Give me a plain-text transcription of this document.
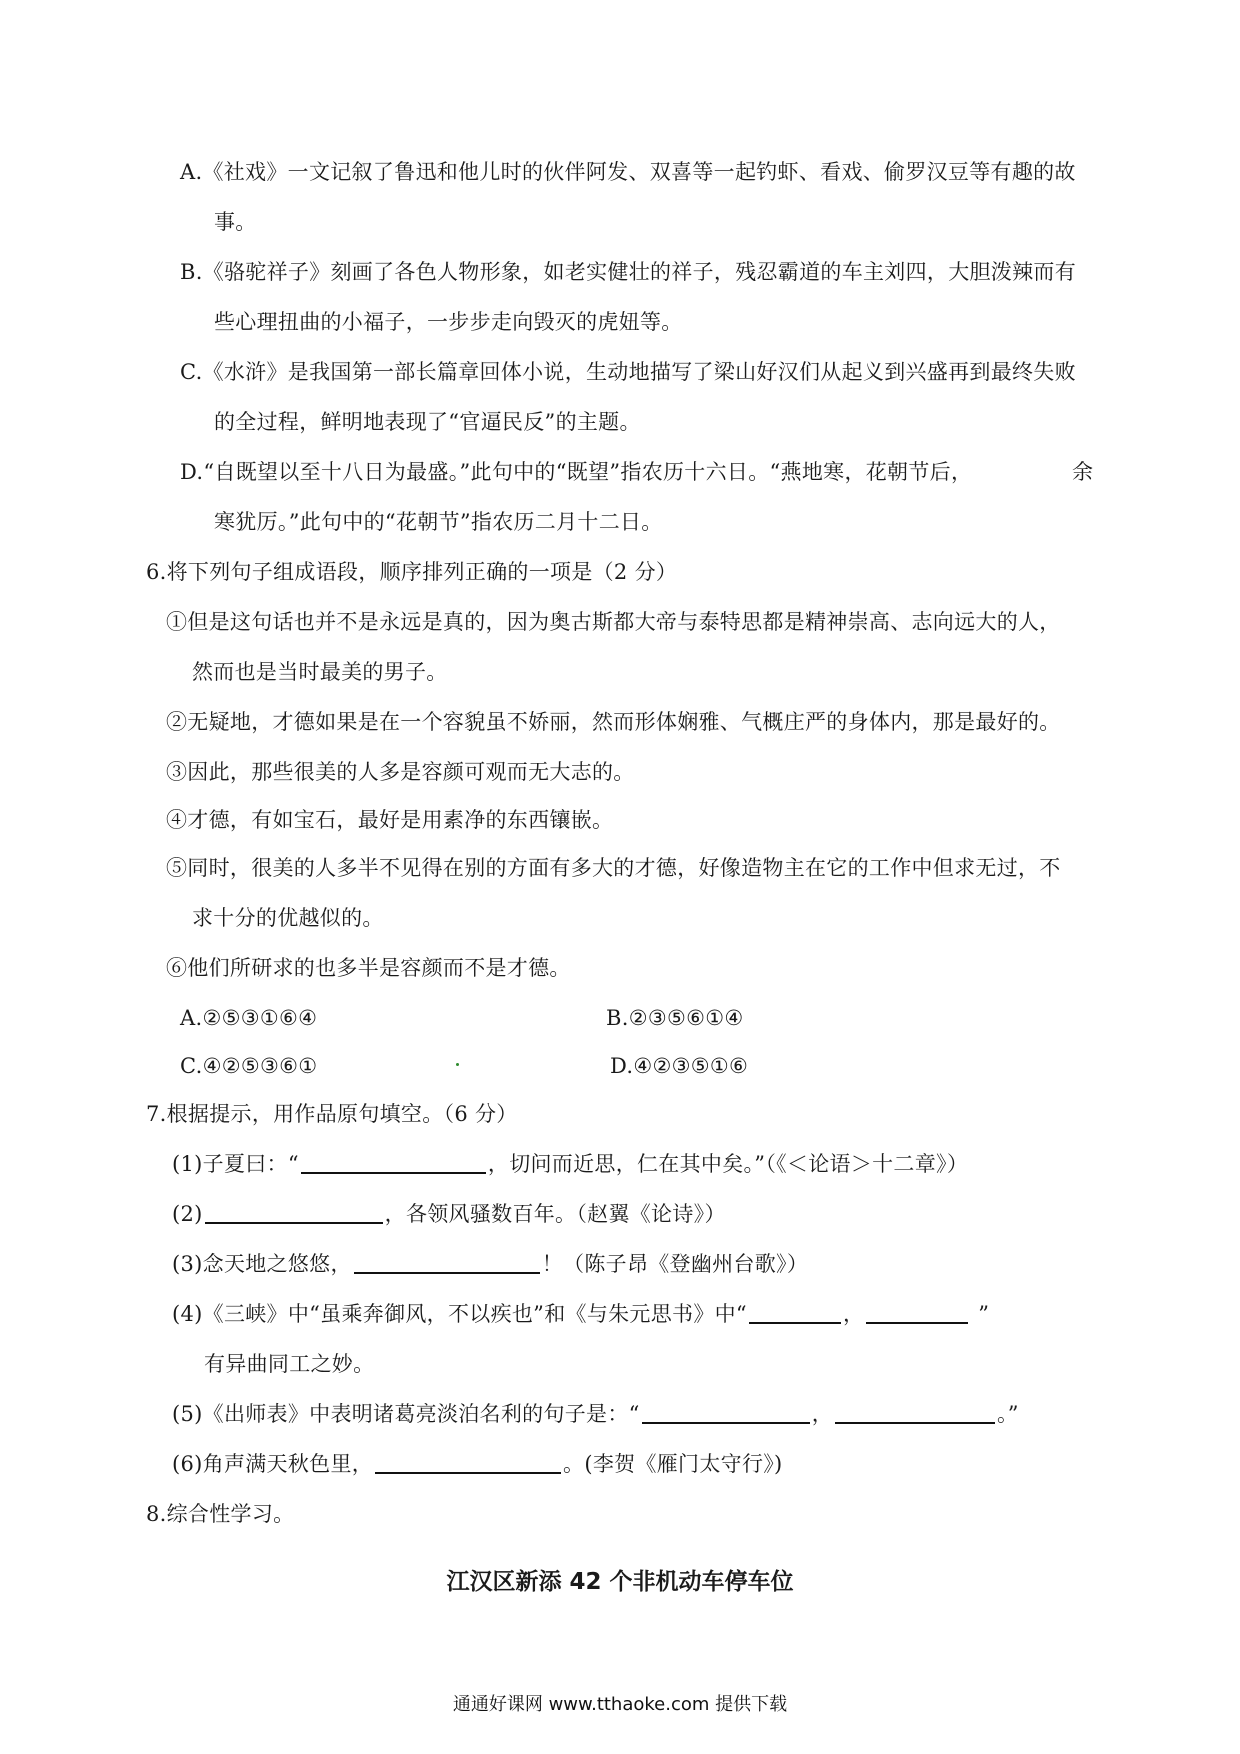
A.《社戏》一文记叙了鲁迅和他儿时的伙伴阿发、双喜等一起钓虾、看戏、偷罗汉豆等有趣的故
事。
B.《骆驼祥子》刻画了各色人物形象，如老实健壮的祥子，残忍霸道的车主刘四，大胆泼辣而有
些心理扭曲的小福子，一步步走向毁灭的虎妞等。
C.《水浒》是我国第一部长篇章回体小说，生动地描写了梁山好汉们从起义到兴盛再到最终失败
的全过程，鲜明地表现了“官逼民反”的主题。
D.“自既望以至十八日为最盛。”此句中的“既望”指农历十六日。“燕地寒，花朝节后，	余
寒犹厉。”此句中的“花朝节”指农历二月十二日。
6.将下列句子组成语段，顺序排列正确的一项是（2 分）
①但是这句话也并不是永远是真的，因为奥古斯都大帝与泰特思都是精神崇高、志向远大的人，
然而也是当时最美的男子。
②无疑地，才德如果是在一个容貌虽不娇丽，然而形体娴雅、气概庄严的身体内，那是最好的。
③因此，那些很美的人多是容颜可观而无大志的。
④才德，有如宝石，最好是用素净的东西镶嵌。
⑤同时，很美的人多半不见得在别的方面有多大的才德，好像造物主在它的工作中但求无过，不
求十分的优越似的。
⑥他们所研求的也多半是容颜而不是才德。
A.②⑤③①⑥④	B.②③⑤⑥①④
C.④②⑤③⑥①	D.④②③⑤①⑥
7.根据提示，用作品原句填空。（6 分）
(1)子夏曰：“	，切问而近思，仁在其中矣。”（《＜论语＞十二章》）
(2)	，各领风骚数百年。（赵翼《论诗》）
(3)念天地之悠悠，	！（陈子昂《登幽州台歌》）
(4)《三峡》中“虽乘奔御风，不以疾也”和《与朱元思书》中“	，	”
有异曲同工之妙。
(5)《出师表》中表明诸葛亮淡泊名利的句子是：“	，	。”
(6)角声满天秋色里，	。(李贺《雁门太守行》)
8.综合性学习。
江汉区新添 42 个非机动车停车位
通通好课网 www.tthaoke.com 提供下载
